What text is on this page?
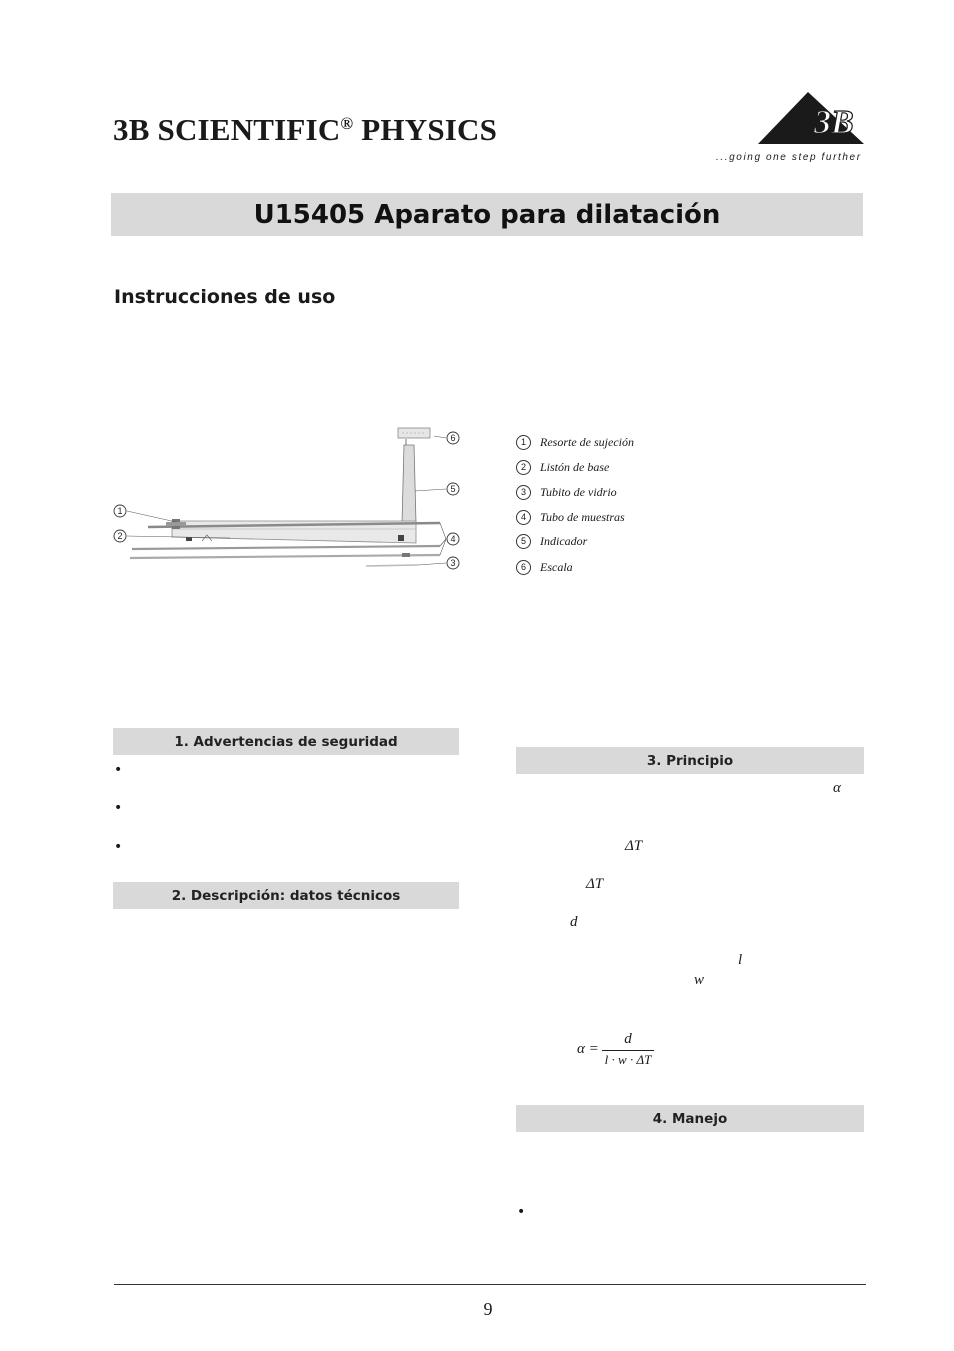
3B SCIENTIFIC® PHYSICS	3B
...going one step further
U15405 Aparato para dilatación
Instrucciones de uso
1
2
3
4
5
6	1	Resorte de sujeción
2	Listón de base
3	Tubito de vidrio
4	Tubo de muestras
5	Indicador
6	Escala
1. Advertencias de seguridad
•
•
•
2. Descripción: datos técnicos
3. Principio
α
ΔT
ΔT
d
l
w
α =
d
l · w · ΔT
4. Manejo
•
9
